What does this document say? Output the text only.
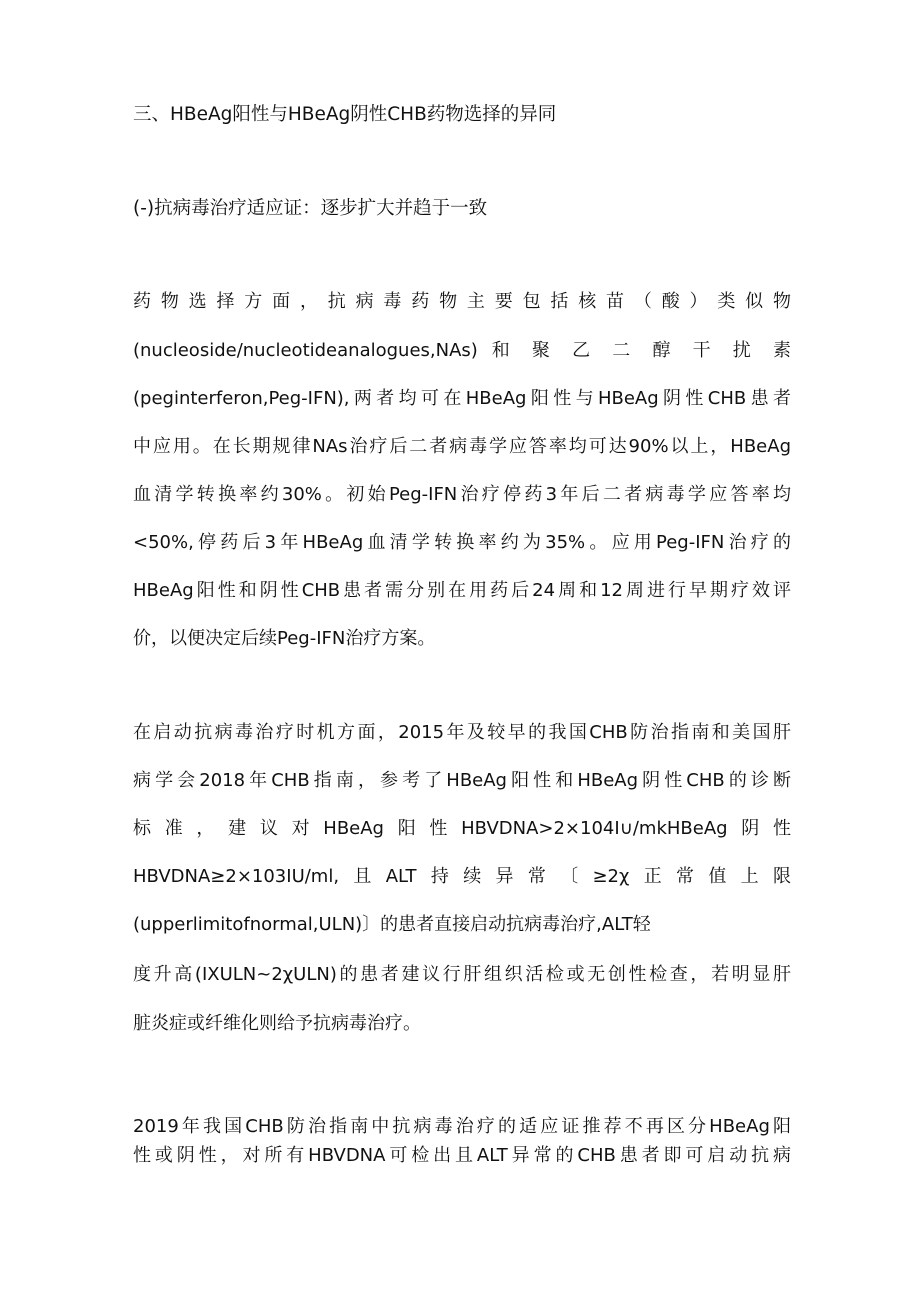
三、HBeAg阳性与HBeAg阴性CHB药物选择的异同
(-)抗病毒治疗适应证：逐步扩大并趋于一致
药物选择方面，抗病毒药物主要包括核苗（酸）类似物
(nucleoside/nucleotideanalogues,NAs) 和 聚 乙 二 醇 干 扰 素
(peginterferon,Peg-IFN),两者均可在HBeAg阳性与HBeAg阴性CHB患者
中应用。在长期规律NAs治疗后二者病毒学应答率均可达90%以上，HBeAg
血清学转换率约30%。初始Peg-IFN治疗停药3年后二者病毒学应答率均
<50%,停药后3年HBeAg血清学转换率约为35%。应用Peg-IFN治疗的
HBeAg阳性和阴性CHB患者需分别在用药后24周和12周进行早期疗效评
价，以便决定后续Peg-IFN治疗方案。
在启动抗病毒治疗时机方面，2015年及较早的我国CHB防治指南和美国肝
病学会2018年CHB指南，参考了HBeAg阳性和HBeAg阴性CHB的诊断
标准，建议对HBeAg阳性HBVDNA>2×104I∪∕mkHBeAg阴性
HBVDNA≥2×103IU∕ml,且ALT持续异常〔≥2χ正常值上限
(upperlimitofnormal,ULN)〕的患者直接启动抗病毒治疗,ALT轻
度升高(IXULN~2χULN)的患者建议行肝组织活检或无创性检查，若明显肝
脏炎症或纤维化则给予抗病毒治疗。
2019年我国CHB防治指南中抗病毒治疗的适应证推荐不再区分HBeAg阳
性或阴性，对所有HBVDNA可检出且ALT异常的CHB患者即可启动抗病
